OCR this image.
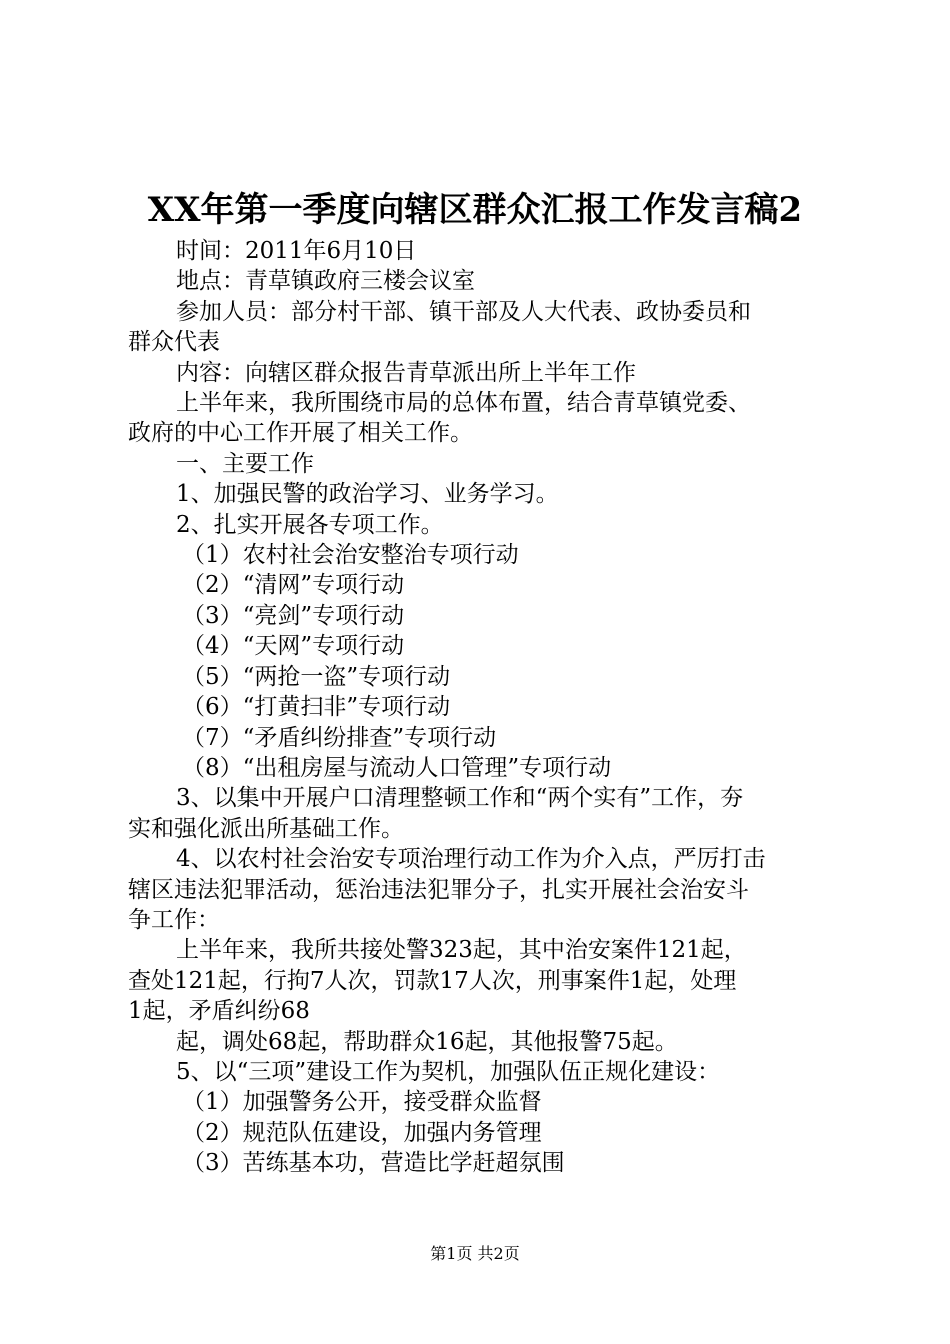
XX年第一季度向辖区群众汇报工作发言稿2

时间：2011年6月10日

地点：青草镇政府三楼会议室

参加人员：部分村干部、镇干部及人大代表、政协委员和

群众代表

内容：向辖区群众报告青草派出所上半年工作

上半年来，我所围绕市局的总体布置，结合青草镇党委、

政府的中心工作开展了相关工作。

一、主要工作

1、加强民警的政治学习、业务学习。

2、扎实开展各专项工作。

（1）农村社会治安整治专项行动

（2）“清网”专项行动

（3）“亮剑”专项行动

（4）“天网”专项行动

（5）“两抢一盗”专项行动

（6）“打黄扫非”专项行动

（7）“矛盾纠纷排查”专项行动

（8）“出租房屋与流动人口管理”专项行动

3、以集中开展户口清理整顿工作和“两个实有”工作，夯

实和强化派出所基础工作。

4、以农村社会治安专项治理行动工作为介入点，严厉打击

辖区违法犯罪活动，惩治违法犯罪分子，扎实开展社会治安斗

争工作：

上半年来，我所共接处警323起，其中治安案件121起，

查处121起，行拘7人次，罚款17人次，刑事案件1起，处理

1起，矛盾纠纷68

起，调处68起，帮助群众16起，其他报警75起。

5、以“三项”建设工作为契机，加强队伍正规化建设：

（1）加强警务公开，接受群众监督

（2）规范队伍建设，加强内务管理

（3）苦练基本功，营造比学赶超氛围

第1页 共2页
